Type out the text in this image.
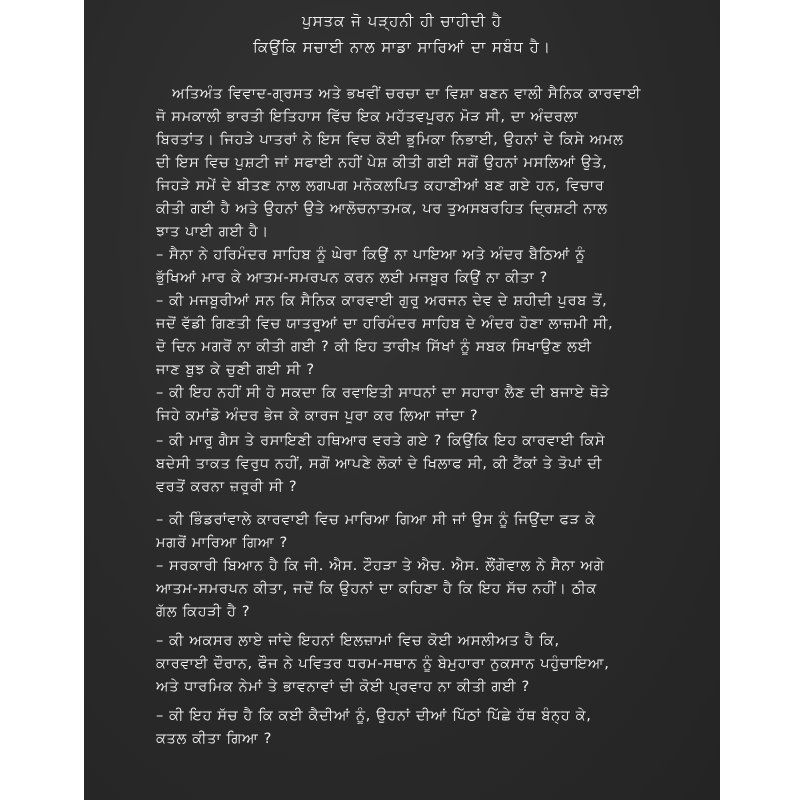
ਪੁਸਤਕ ਜੋ ਪੜ੍ਹਨੀ ਹੀ ਚਾਹੀਦੀ ਹੈ
ਕਿਉਂਕਿ ਸਚਾਈ ਨਾਲ ਸਾਡਾ ਸਾਰਿਆਂ ਦਾ ਸਬੰਧ ਹੈ।
ਅਤਿਅੰਤ ਵਿਵਾਦ-ਗ੍ਰਸਤ ਅਤੇ ਭਖਵੀਂ ਚਰਚਾ ਦਾ ਵਿਸ਼ਾ ਬਣਨ ਵਾਲੀ ਸੈਨਿਕ ਕਾਰਵਾਈ
ਜੋ ਸਮਕਾਲੀ ਭਾਰਤੀ ਇਤਿਹਾਸ ਵਿੱਚ ਇਕ ਮਹੱਤਵਪੂਰਨ ਮੋੜ ਸੀ, ਦਾ ਅੰਦਰਲਾ
ਬਿਰਤਾਂਤ। ਜਿਹੜੇ ਪਾਤਰਾਂ ਨੇ ਇਸ ਵਿਚ ਕੋਈ ਭੂਮਿਕਾ ਨਿਭਾਈ, ਉਹਨਾਂ ਦੇ ਕਿਸੇ ਅਮਲ
ਦੀ ਇਸ ਵਿਚ ਪੁਸ਼ਟੀ ਜਾਂ ਸਫਾਈ ਨਹੀਂ ਪੇਸ਼ ਕੀਤੀ ਗਈ ਸਗੋਂ ਉਹਨਾਂ ਮਸਲਿਆਂ ਉਤੇ,
ਜਿਹੜੇ ਸਮੇਂ ਦੇ ਬੀਤਣ ਨਾਲ ਲਗਪਗ ਮਨੋਕਲਪਿਤ ਕਹਾਣੀਆਂ ਬਣ ਗਏ ਹਨ, ਵਿਚਾਰ
ਕੀਤੀ ਗਈ ਹੈ ਅਤੇ ਉਹਨਾਂ ਉਤੇ ਆਲੋਚਨਾਤਮਕ, ਪਰ ਤੁਅਸਬਰਹਿਤ ਦ੍ਰਿਸ਼ਟੀ ਨਾਲ
ਝਾਤ ਪਾਈ ਗਈ ਹੈ।
– ਸੈਨਾ ਨੇ ਹਰਿਮੰਦਰ ਸਾਹਿਬ ਨੂੰ ਘੇਰਾ ਕਿਉਂ ਨਾ ਪਾਇਆ ਅਤੇ ਅੰਦਰ ਬੈਠਿਆਂ ਨੂੰ
ਭੁੱਖਿਆਂ ਮਾਰ ਕੇ ਆਤਮ-ਸਮਰਪਨ ਕਰਨ ਲਈ ਮਜਬੂਰ ਕਿਉਂ ਨਾ ਕੀਤਾ ?
– ਕੀ ਮਜਬੂਰੀਆਂ ਸਨ ਕਿ ਸੈਨਿਕ ਕਾਰਵਾਈ ਗੁਰੂ ਅਰਜਨ ਦੇਵ ਦੇ ਸ਼ਹੀਦੀ ਪੁਰਬ ਤੋਂ,
ਜਦੋਂ ਵੱਡੀ ਗਿਣਤੀ ਵਿਚ ਯਾਤਰੂਆਂ ਦਾ ਹਰਿਮੰਦਰ ਸਾਹਿਬ ਦੇ ਅੰਦਰ ਹੋਣਾ ਲਾਜ਼ਮੀ ਸੀ,
ਦੋ ਦਿਨ ਮਗਰੋਂ ਨਾ ਕੀਤੀ ਗਈ ? ਕੀ ਇਹ ਤਾਰੀਖ਼ ਸਿੱਖਾਂ ਨੂੰ ਸਬਕ ਸਿਖਾਉਣ ਲਈ
ਜਾਣ ਬੁਝ ਕੇ ਚੁਣੀ ਗਈ ਸੀ ?
– ਕੀ ਇਹ ਨਹੀਂ ਸੀ ਹੋ ਸਕਦਾ ਕਿ ਰਵਾਇਤੀ ਸਾਧਨਾਂ ਦਾ ਸਹਾਰਾ ਲੈਣ ਦੀ ਬਜਾਏ ਥੋੜੇ
ਜਿਹੇ ਕਮਾਂਡੋ ਅੰਦਰ ਭੇਜ ਕੇ ਕਾਰਜ ਪੂਰਾ ਕਰ ਲਿਆ ਜਾਂਦਾ ?
– ਕੀ ਮਾਰੂ ਗੈਸ ਤੇ ਰਸਾਇਣੀ ਹਥਿਆਰ ਵਰਤੇ ਗਏ ? ਕਿਉਂਕਿ ਇਹ ਕਾਰਵਾਈ ਕਿਸੇ
ਬਦੇਸੀ ਤਾਕਤ ਵਿਰੁਧ ਨਹੀਂ, ਸਗੋਂ ਆਪਣੇ ਲੋਕਾਂ ਦੇ ਖਿਲਾਫ ਸੀ, ਕੀ ਟੈਂਕਾਂ ਤੇ ਤੋਪਾਂ ਦੀ
ਵਰਤੋਂ ਕਰਨਾ ਜ਼ਰੂਰੀ ਸੀ ?
– ਕੀ ਭਿੰਡਰਾਂਵਾਲੇ ਕਾਰਵਾਈ ਵਿਚ ਮਾਰਿਆ ਗਿਆ ਸੀ ਜਾਂ ਉਸ ਨੂੰ ਜਿਉਂਦਾ ਫੜ ਕੇ
ਮਗਰੋਂ ਮਾਰਿਆ ਗਿਆ ?
– ਸਰਕਾਰੀ ਬਿਆਨ ਹੈ ਕਿ ਜੀ. ਐਸ. ਟੌਹੜਾ ਤੇ ਐਚ. ਐਸ. ਲੌਂਗੋਵਾਲ ਨੇ ਸੈਨਾ ਅਗੇ
ਆਤਮ-ਸਮਰਪਨ ਕੀਤਾ, ਜਦੋਂ ਕਿ ਉਹਨਾਂ ਦਾ ਕਹਿਣਾ ਹੈ ਕਿ ਇਹ ਸੱਚ ਨਹੀਂ। ਠੀਕ
ਗੱਲ ਕਿਹੜੀ ਹੈ ?
– ਕੀ ਅਕਸਰ ਲਾਏ ਜਾਂਦੇ ਇਹਨਾਂ ਇਲਜ਼ਾਮਾਂ ਵਿਚ ਕੋਈ ਅਸਲੀਅਤ ਹੈ ਕਿ,
ਕਾਰਵਾਈ ਦੌਰਾਨ, ਫੌਜ ਨੇ ਪਵਿਤਰ ਧਰਮ-ਸਥਾਨ ਨੂੰ ਬੇਮੁਹਾਰਾ ਨੁਕਸਾਨ ਪਹੁੰਚਾਇਆ,
ਅਤੇ ਧਾਰਮਿਕ ਨੇਮਾਂ ਤੇ ਭਾਵਨਾਵਾਂ ਦੀ ਕੋਈ ਪ੍ਰਵਾਹ ਨਾ ਕੀਤੀ ਗਈ ?
– ਕੀ ਇਹ ਸੱਚ ਹੈ ਕਿ ਕਈ ਕੈਦੀਆਂ ਨੂੰ, ਉਹਨਾਂ ਦੀਆਂ ਪਿੱਠਾਂ ਪਿੱਛੇ ਹੱਥ ਬੰਨ੍ਹ ਕੇ,
ਕਤਲ ਕੀਤਾ ਗਿਆ ?
